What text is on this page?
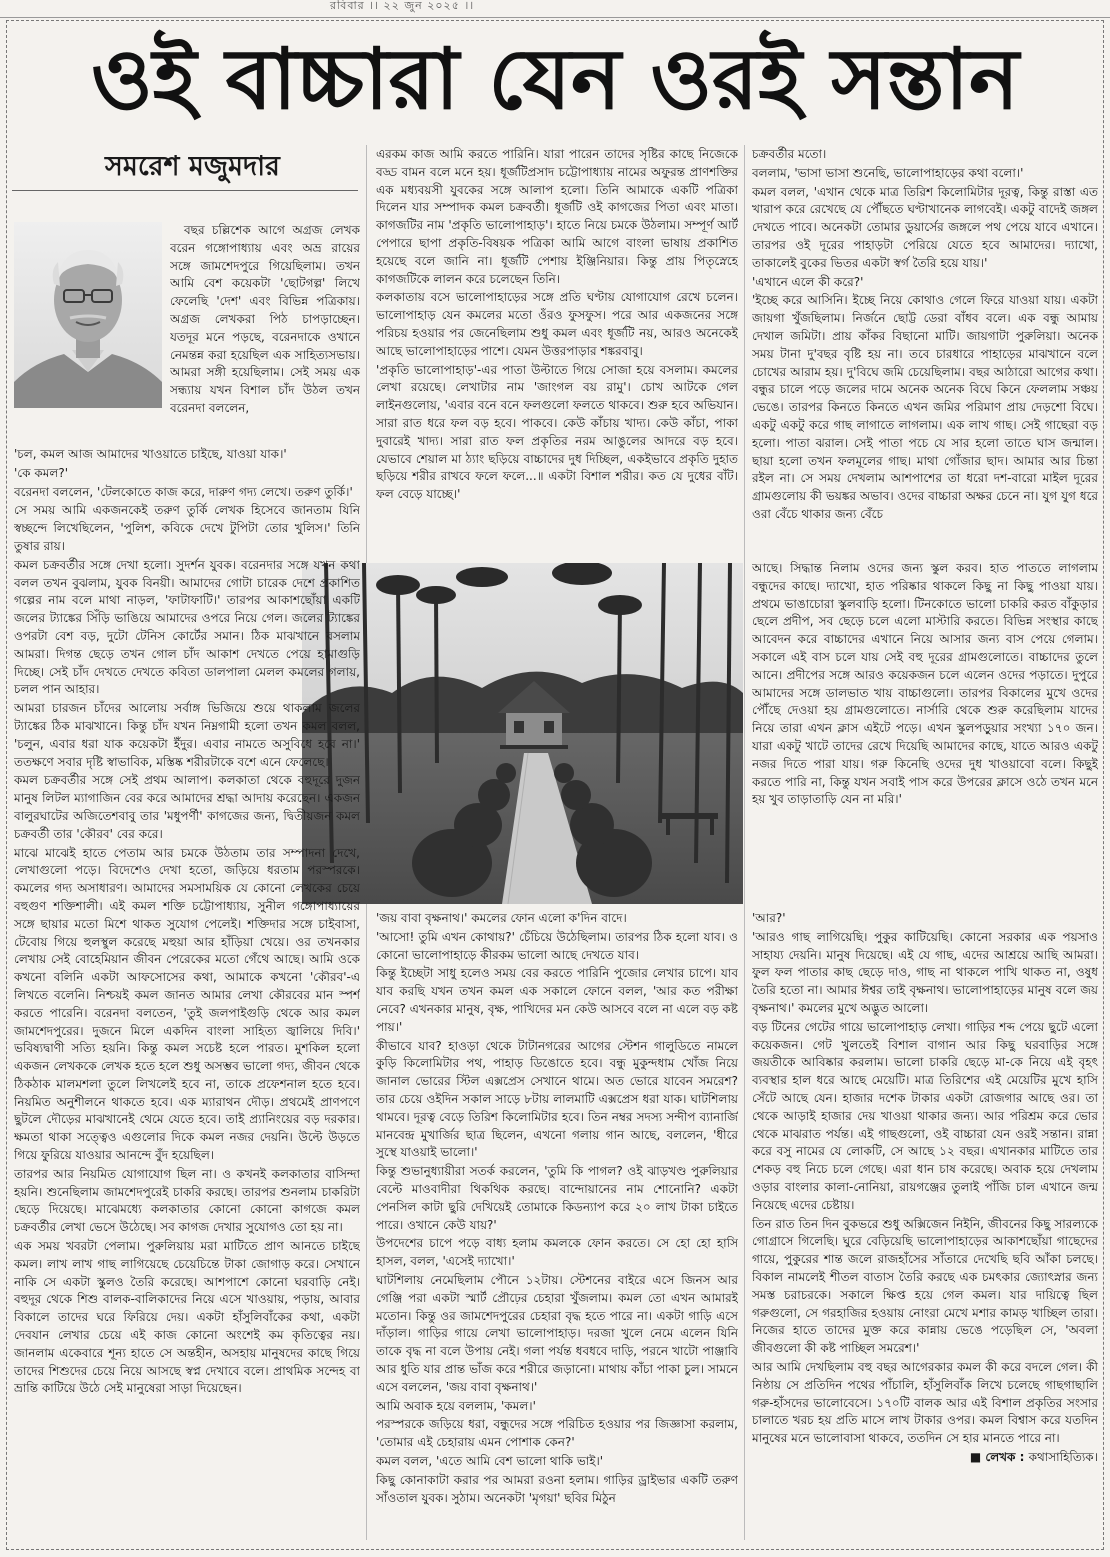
রবিবার ।। ২২ জুন ২০২৫ ।।
ওই বাচ্চারা যেন ওরই সন্তান
সমরেশ মজুমদার

বছর চল্লিশেক আগে অগ্রজ লেখক বরেন গঙ্গোপাধ্যায় এবং অভ্র রায়ের সঙ্গে জামশেদপুরে গিয়েছিলাম। তখন আমি বেশ কয়েকটা 'ছোটগল্প' লিখে ফেলেছি 'দেশ' এবং বিভিন্ন পত্রিকায়। অগ্রজ লেখকরা পিঠ চাপড়াচ্ছেন। যতদূর মনে পড়ছে, বরেনদাকে ওখানে নেমন্তন্ন করা হয়েছিল এক সাহিত্যসভায়। আমরা সঙ্গী হয়েছিলাম। সেই সময় এক সন্ধ্যায় যখন বিশাল চাঁদ উঠল তখন বরেনদা বললেন,

'চল, কমল আজ আমাদের খাওয়াতে চাইছে, যাওয়া যাক।'

'কে কমল?'

বরেনদা বললেন, 'টেলকোতে কাজ করে, দারুণ গদ্য লেখে। তরুণ তুর্কি।'

সে সময় আমি একজনকেই তরুণ তুর্কি লেখক হিসেবে জানতাম যিনি স্বচ্ছন্দে লিখেছিলেন, 'পুলিশ, কবিকে দেখে টুপিটা তোর খুলিস।' তিনি তুষার রায়।

কমল চক্রবর্তীর সঙ্গে দেখা হলো। সুদর্শন যুবক। বরেনদার সঙ্গে যখন কথা বলল তখন বুঝলাম, যুবক বিনয়ী। আমাদের গোটা চারেক দেশে প্রকাশিত গল্পের নাম বলে মাথা নাড়ল, 'ফাটাফাটি।' তারপর আকাশছোঁয়া একটি জলের ট্যাঙ্কের সিঁড়ি ভাঙিয়ে আমাদের ওপরে নিয়ে গেল। জলের ট্যাঙ্কের ওপরটা বেশ বড়, দুটো টেনিস কোর্টের সমান। ঠিক মাঝখানে বসলাম আমরা। দিগন্ত ছেড়ে তখন গোল চাঁদ আকাশ দেখতে পেয়ে হামাগুড়ি দিচ্ছে। সেই চাঁদ দেখতে দেখতে কবিতা ডালপালা মেলল কমলের গলায়, চলল পান আহার।

আমরা চারজন চাঁদের আলোয় সর্বাঙ্গ ভিজিয়ে শুয়ে থাকলাম জলের ট্যাঙ্কের ঠিক মাঝখানে। কিন্তু চাঁদ যখন নিম্নগামী হলো তখন কমল বলল, 'চলুন, এবার ধরা যাক কয়েকটা ইঁদুর। এবার নামতে অসুবিধে হবে না।' ততক্ষণে সবার দৃষ্টি স্বাভাবিক, মস্তিষ্ক শরীরটাকে বশে এনে ফেলেছে।

কমল চক্রবর্তীর সঙ্গে সেই প্রথম আলাপ। কলকাতা থেকে বহুদূরে দুজন মানুষ লিটল ম্যাগাজিন বের করে আমাদের শ্রদ্ধা আদায় করেছেন। একজন বালুরঘাটের অজিতেশবাবু তার 'মধুপর্ণী' কাগজের জন্য, দ্বিতীয়জন কমল চক্রবর্তী তার 'কৌরব' বের করে।

মাঝে মাঝেই হাতে পেতাম আর চমকে উঠতাম তার সম্পাদনা দেখে, লেখাগুলো পড়ে। বিদেশেও দেখা হতো, জড়িয়ে ধরতাম পরস্পরকে। কমলের গদ্য অসাধারণ। আমাদের সমসাময়িক যে কোনো লেখকের চেয়ে বহুগুণ শক্তিশালী। এই কমল শক্তি চট্টোপাধ্যায়, সুনীল গঙ্গোপাধ্যায়ের সঙ্গে ছায়ার মতো মিশে থাকত সুযোগ পেলেই। শক্তিদার সঙ্গে চাইবাসা, টেবোয় গিয়ে হুলস্থুল করেছে মহুয়া আর হাঁড়িয়া খেয়ে। ওর তখনকার লেখায় সেই বোহেমিয়ান জীবন পেরেকের মতো গেঁথে আছে। আমি ওকে কখনো বলিনি একটা আফসোসের কথা, আমাকে কখনো 'কৌরব'-এ লিখতে বলেনি। নিশ্চয়ই কমল জানত আমার লেখা কৌরবের মান স্পর্শ করতে পারেনি। বরেনদা বলতেন, 'তুই জলপাইগুড়ি থেকে আর কমল জামশেদপুরের। দুজনে মিলে একদিন বাংলা সাহিত্য জ্বালিয়ে দিবি।' ভবিষ্যদ্বাণী সত্যি হয়নি। কিন্তু কমল সচেষ্ট হলে পারত। মুশকিল হলো একজন লেখককে লেখক হতে হলে শুধু অসম্ভব ভালো গদ্য, জীবন থেকে ঠিকঠাক মালমশলা তুলে লিখলেই হবে না, তাকে প্রফেশনাল হতে হবে। নিয়মিত অনুশীলনে থাকতে হবে। এক ম্যারাথন দৌড়। প্রথমেই প্রাণপণে ছুটলে দৌড়ের মাঝখানেই থেমে যেতে হবে। তাই প্র্যানিংয়ের বড় দরকার। ক্ষমতা থাকা সত্ত্বেও এগুলোর দিকে কমল নজর দেয়নি। উল্টে উড়তে গিয়ে ফুরিয়ে যাওয়ার আনন্দে বুঁদ হয়েছিল।

তারপর আর নিয়মিত যোগাযোগ ছিল না। ও কখনই কলকাতার বাসিন্দা হয়নি। শুনেছিলাম জামশেদপুরেই চাকরি করছে। তারপর শুনলাম চাকরিটা ছেড়ে দিয়েছে। মাঝেমধ্যে কলকাতার কোনো কোনো কাগজে কমল চক্রবর্তীর লেখা ভেসে উঠেছে। সব কাগজ দেখার সুযোগও তো হয় না।

এক সময় খবরটা পেলাম। পুরুলিয়ায় মরা মাটিতে প্রাণ আনতে চাইছে কমল। লাখ লাখ গাছ লাগিয়েছে চেয়েচিন্তে টাকা জোগাড় করে। সেখানে নাকি সে একটা স্কুলও তৈরি করেছে। আশপাশে কোনো ঘরবাড়ি নেই। বহুদূর থেকে শিশু বালক-বালিকাদের নিয়ে এসে খাওয়ায়, পড়ায়, আবার বিকালে তাদের ঘরে ফিরিয়ে দেয়। একটা হাঁসুলিবাঁকের কথা, একটা দেবযান লেখার চেয়ে এই কাজ কোনো অংশেই কম কৃতিত্বের নয়। জানলাম একেবারে শূন্য হাতে সে অন্তহীন, অসহায় মানুষদের কাছে গিয়ে তাদের শিশুদের চেয়ে নিয়ে আসছে স্বপ্ন দেখাবে বলে। প্রাথমিক সন্দেহ বা ভ্রান্তি কাটিয়ে উঠে সেই মানুষেরা সাড়া দিয়েছেন।

এরকম কাজ আমি করতে পারিনি। যারা পারেন তাদের সৃষ্টির কাছে নিজেকে বড্ড বামন বলে মনে হয়। ধূর্জটিপ্রসাদ চট্টোপাধ্যায় নামের অফুরন্ত প্রাণশক্তির এক মধ্যবয়সী যুবকের সঙ্গে আলাপ হলো। তিনি আমাকে একটি পত্রিকা দিলেন যার সম্পাদক কমল চক্রবর্তী। ধূর্জটি ওই কাগজের পিতা এবং মাতা। কাগজটির নাম 'প্রকৃতি ভালোপাহাড়'। হাতে নিয়ে চমকে উঠলাম। সম্পূর্ণ আর্ট পেপারে ছাপা প্রকৃতি-বিষয়ক পত্রিকা আমি আগে বাংলা ভাষায় প্রকাশিত হয়েছে বলে জানি না। ধূর্জটি পেশায় ইঞ্জিনিয়ার। কিন্তু প্রায় পিতৃস্নেহে কাগজটিকে লালন করে চলেছেন তিনি।

কলকাতায় বসে ভালোপাহাড়ের সঙ্গে প্রতি ঘণ্টায় যোগাযোগ রেখে চলেন। ভালোপাহাড় যেন কমলের মতো ওঁরও ফুসফুস। পরে আর একজনের সঙ্গে পরিচয় হওয়ার পর জেনেছিলাম শুধু কমল এবং ধূর্জটি নয়, আরও অনেকেই আছে ভালোপাহাড়ের পাশে। যেমন উত্তরপাড়ার শঙ্করবাবু।

'প্রকৃতি ভালোপাহাড়'-এর পাতা উল্টাতে গিয়ে সোজা হয়ে বসলাম। কমলের লেখা রয়েছে। লেখাটার নাম 'জাংগল বয় রামু'। চোখ আটকে গেল লাইনগুলোয়, 'এবার বনে বনে ফলগুলো ফলতে থাকবে। শুরু হবে অভিযান। সারা রাত ধরে ফল বড় হবে। পাকবে। কেউ কাঁচায় খাদ্য। কেউ কাঁচা, পাকা দুবারেই খাদ্য। সারা রাত ফল প্রকৃতির নরম আঙুলের আদরে বড় হবে। যেভাবে শেয়াল মা ঠ্যাং ছড়িয়ে বাচ্চাদের দুধ দিচ্ছিল, একইভাবে প্রকৃতি দুহাত ছড়িয়ে শরীর রাখবে ফলে ফলে...॥ একটা বিশাল শরীর। কত যে দুধের বাঁট। ফল বেড়ে যাচ্ছে।'

'জয় বাবা বৃক্ষনাথ।' কমলের ফোন এলো ক'দিন বাদে।

'আসো! তুমি এখন কোথায়?' চেঁচিয়ে উঠেছিলাম। তারপর ঠিক হলো যাব। ও কোনো ভালোপাহাড়ে কীরকম ভালো আছে দেখতে যাব।

কিন্তু ইচ্ছেটা সাধু হলেও সময় বের করতে পারিনি পুজোর লেখার চাপে। যাব যাব করছি যখন তখন কমল এক সকালে ফোনে বলল, 'আর কত পরীক্ষা নেবে? এখনকার মানুষ, বৃক্ষ, পাখিদের মন কেউ আসবে বলে না এলে বড় কষ্ট পায়।'

কীভাবে যাব? হাওড়া থেকে টাটানগরের আগের স্টেশন গালুডিতে নামলে কুড়ি কিলোমিটার পথ, পাহাড় ডিঙোতে হবে। বন্ধু মুকুন্দধাম খোঁজ নিয়ে জানাল ভোরের স্টিল এক্সপ্রেস সেখানে থামে। অত ভোরে যাবেন সমরেশ? তার চেয়ে ওইদিন সকাল সাড়ে ৮টায় লালমাটি এক্সপ্রেস ধরা যাক। ঘাটশিলায় থামবে। দূরত্ব বেড়ে তিরিশ কিলোমিটার হবে। তিন নম্বর সদস্য সন্দীপ ব্যানার্জি মানবেন্দ্র মুখার্জির ছাত্র ছিলেন, এখনো গলায় গান আছে, বললেন, 'ধীরে সুস্থে যাওয়াই ভালো।'

কিন্তু শুভানুধ্যায়ীরা সতর্ক করলেন, 'তুমি কি পাগল? ওই ঝাড়খণ্ড পুরুলিয়ার বেল্টে মাওবাদীরা থিকথিক করছে। বান্দোয়ানের নাম শোনোনি? একটা পেনসিল কাটা ছুরি দেখিয়েই তোমাকে কিডন্যাপ করে ২০ লাখ টাকা চাইতে পারে। ওখানে কেউ যায়?'

উপদেশের চাপে পড়ে বাধ্য হলাম কমলকে ফোন করতে। সে হো হো হাসি হাসল, বলল, 'এসেই দ্যাখো।'

ঘাটশিলায় নেমেছিলাম পৌনে ১২টায়। স্টেশনের বাইরে এসে জিনস আর গেঞ্জি পরা একটা স্মার্ট প্রৌঢ়ের চেহারা খুঁজলাম। কমল তো এখন আমারই মতোন। কিন্তু ওর জামশেদপুরের চেহারা বৃদ্ধ হতে পারে না। একটা গাড়ি এসে দাঁড়াল। গাড়ির গায়ে লেখা ভালোপাহাড়। দরজা খুলে নেমে এলেন যিনি তাকে বৃদ্ধ না বলে উপায় নেই। গলা পর্যন্ত ধবধবে দাড়ি, পরনে খাটো পাঞ্জাবি আর ধুতি যার প্রান্ত ভাঁজ করে শরীরে জড়ানো। মাথায় কাঁচা পাকা চুল। সামনে এসে বললেন, 'জয় বাবা বৃক্ষনাথ।'

আমি অবাক হয়ে বললাম, 'কমল।'

পরস্পরকে জড়িয়ে ধরা, বন্ধুদের সঙ্গে পরিচিত হওয়ার পর জিজ্ঞাসা করলাম, 'তোমার এই চেহারায় এমন পোশাক কেন?'

কমল বলল, 'এতে আমি বেশ ভালো থাকি ভাই।'

কিছু কোনাকাটা করার পর আমরা রওনা হলাম। গাড়ির ড্রাইভার একটি তরুণ সাঁওতাল যুবক। সুঠাম। অনেকটা 'মৃগয়া' ছবির মিঠুন

চক্রবর্তীর মতো।

বললাম, 'ভাসা ভাসা শুনেছি, ভালোপাহাড়ের কথা বলো।'

কমল বলল, 'এখান থেকে মাত্র তিরিশ কিলোমিটার দূরত্ব, কিন্তু রাস্তা এত খারাপ করে রেখেছে যে পৌঁছতে ঘণ্টাখানেক লাগবেই। একটু বাদেই জঙ্গল দেখতে পাবে। অনেকটা তোমার ডুয়ার্সের জঙ্গলে পথ পেয়ে যাবে এখানে। তারপর ওই দূরের পাহাড়টা পেরিয়ে যেতে হবে আমাদের। দ্যাখো, তাকালেই বুকের ভিতর একটা স্বর্গ তৈরি হয়ে যায়।'

'এখানে এলে কী করে?'

'ইচ্ছে করে আসিনি। ইচ্ছে নিয়ে কোথাও গেলে ফিরে যাওয়া যায়। একটা জায়গা খুঁজছিলাম। নির্জনে ছোট্ট ডেরা বাঁধব বলে। এক বন্ধু আমায় দেখাল জমিটা। প্রায় কাঁকর বিছানো মাটি। জায়গাটা পুরুলিয়া। অনেক সময় টানা দু'বছর বৃষ্টি হয় না। তবে চারধারে পাহাড়ের মাঝখানে বলে চোখের আরাম হয়। দু'বিঘে জমি চেয়েছিলাম। বছর আঠারো আগের কথা। বন্ধুর চালে পড়ে জলের দামে অনেক অনেক বিঘে কিনে ফেললাম সঞ্চয় ভেঙে। তারপর কিনতে কিনতে এখন জমির পরিমাণ প্রায় দেড়শো বিঘে। একটু একটু করে গাছ লাগাতে লাগলাম। এক লাখ গাছ। সেই গাছেরা বড় হলো। পাতা ঝরাল। সেই পাতা পচে যে সার হলো তাতে ঘাস জন্মাল। ছায়া হলো তখন ফলমূলের গাছ। মাথা গোঁজার ছাদ। আমার আর চিন্তা রইল না। সে সময় দেখলাম আশপাশের তা ধরো দশ-বারো মাইল দূরের গ্রামগুলোয় কী ভয়ঙ্কর অভাব। ওদের বাচ্চারা অক্ষর চেনে না। যুগ যুগ ধরে ওরা বেঁচে থাকার জন্য বেঁচে

আছে। সিদ্ধান্ত নিলাম ওদের জন্য স্কুল করব। হাত পাততে লাগলাম বন্ধুদের কাছে। দ্যাখো, হাত পরিষ্কার থাকলে কিছু না কিছু পাওয়া যায়। প্রথমে ভাঙাচোরা স্কুলবাড়ি হলো। টিনকোতে ভালো চাকরি করত বাঁকুড়ার ছেলে প্রদীপ, সব ছেড়ে চলে এলো মাস্টারি করতে। বিভিন্ন সংস্থার কাছে আবেদন করে বাচ্চাদের এখানে নিয়ে আসার জন্য বাস পেয়ে গেলাম। সকালে এই বাস চলে যায় সেই বহু দূরের গ্রামগুলোতে। বাচ্চাদের তুলে আনে। প্রদীপের সঙ্গে আরও কয়েকজন চলে এলেন ওদের পড়াতে। দুপুরে আমাদের সঙ্গে ডালভাত খায় বাচ্চাগুলো। তারপর বিকালের মুখে ওদের পৌঁছে দেওয়া হয় গ্রামগুলোতে। নার্সারি থেকে শুরু করেছিলাম যাদের নিয়ে তারা এখন ক্লাস এইটে পড়ে। এখন স্কুলপড়ুয়ার সংখ্যা ১৭০ জন। যারা একটু খাটে তাদের রেখে দিয়েছি আমাদের কাছে, যাতে আরও একটু নজর দিতে পারা যায়। গরু কিনেছি ওদের দুধ খাওয়াবো বলে। কিছুই করতে পারি না, কিন্তু যখন সবাই পাস করে উপরের ক্লাসে ওঠে তখন মনে হয় খুব তাড়াতাড়ি যেন না মরি।'

'আর?'

'আরও গাছ লাগিয়েছি। পুকুর কাটিয়েছি। কোনো সরকার এক পয়সাও সাহায্য দেয়নি। মানুষ দিয়েছে। এই যে গাছ, এদের আশ্রয়ে আছি আমরা। ফুল ফল পাতার কাছ ছেড়ে দাও, গাছ না থাকলে পাখি থাকত না, ওষুধ তৈরি হতো না। আমার ঈশ্বর তাই বৃক্ষনাথ। ভালোপাহাড়ের মানুষ বলে জয় বৃক্ষনাথ।' কমলের মুখে অদ্ভুত আলো।

বড় টিনের গেটের গায়ে ভালোপাহাড় লেখা। গাড়ির শব্দ পেয়ে ছুটে এলো কয়েকজন। গেট খুলতেই বিশাল বাগান আর কিছু ঘরবাড়ির সঙ্গে জয়তীকে আবিষ্কার করলাম। ভালো চাকরি ছেড়ে মা-কে নিয়ে এই বৃহৎ ব্যবস্থার হাল ধরে আছে মেয়েটি। মাত্র তিরিশের এই মেয়েটির মুখে হাসি সেঁটে আছে যেন। হাজার দশেক টাকার একটা রোজগার আছে ওর। তা থেকে আড়াই হাজার দেয় খাওয়া থাকার জন্য। আর পরিশ্রম করে ভোর থেকে মাঝরাত পর্যন্ত। এই গাছগুলো, ওই বাচ্চারা যেন ওরই সন্তান। রান্না করে বসু নামের যে লোকটি, সে আছে ১২ বছর। এখানকার মাটিতে তার শেকড় বহু নিচে চলে গেছে। এরা ধান চাষ করেছে। অবাক হয়ে দেখলাম ওড়ার বাংলার কালা-নোনিয়া, রায়গঞ্জের তুলাই পাঁজি চাল এখানে জন্ম নিয়েছে এদের চেষ্টায়।

তিন রাত তিন দিন বুকভরে শুধু অক্সিজেন নিইনি, জীবনের কিছু সারল্যকে গোগ্রাসে গিলেছি। ঘুরে বেড়িয়েছি ভালোপাহাড়ের আকাশছোঁয়া গাছেদের গায়ে, পুকুরের শান্ত জলে রাজহাঁসের সাঁতারে দেখেছি ছবি আঁকা চলছে। বিকাল নামলেই শীতল বাতাস তৈরি করছে এক চমৎকার জ্যোৎস্নার জন্য সমস্ত চরাচরকে। সকালে ক্ষিপ্ত হয়ে গেল কমল। যার দায়িত্বে ছিল গরুগুলো, সে গরহাজির হওয়ায় নোংরা মেখে মশার কামড় খাচ্ছিল তারা। নিজের হাতে তাদের মুক্ত করে কান্নায় ভেঙে পড়েছিল সে, 'অবলা জীবগুলো কী কষ্ট পাচ্ছিল সমরেশ।'

আর আমি দেখছিলাম বহু বছর আগেরকার কমল কী করে বদলে গেল। কী নিষ্ঠায় সে প্রতিদিন পথের পাঁচালি, হাঁসুলিবাঁক লিখে চলেছে গাছগাছালি গরু-হাঁসদের ভালোবেসে। ১৭০টি বালক আর এই বিশাল প্রকৃতির সংসার চালাতে খরচ হয় প্রতি মাসে লাখ টাকার ওপর। কমল বিশ্বাস করে যতদিন মানুষের মনে ভালোবাসা থাকবে, ততদিন সে হার মানতে পারে না।

■ লেখক : কথাসাহিত্যিক।
